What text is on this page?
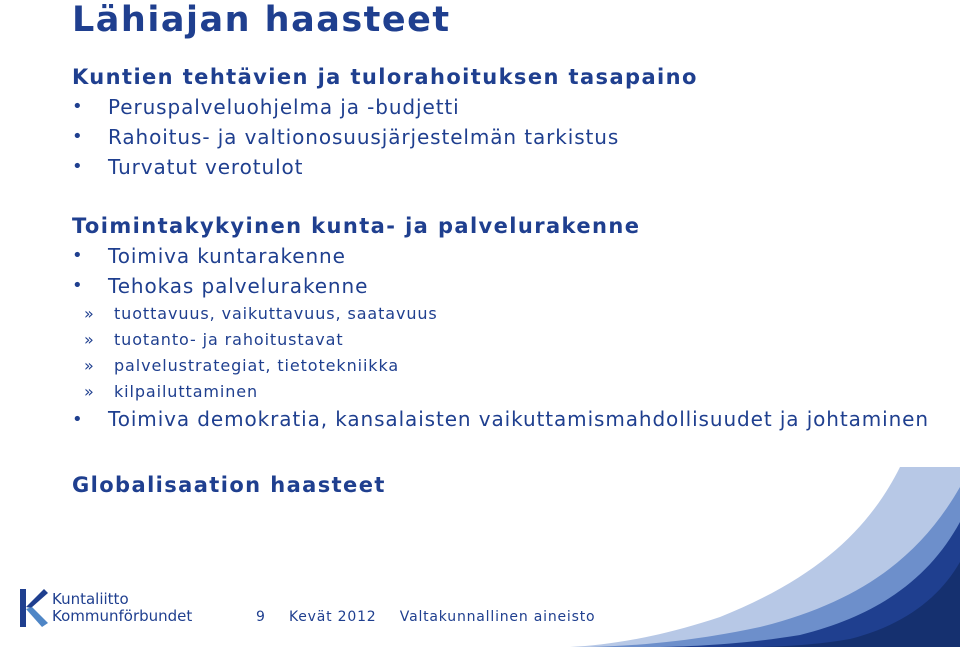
Lähiajan haasteet
Kuntien tehtävien ja tulorahoituksen tasapaino
• Peruspalveluohjelma ja -budjetti
• Rahoitus- ja valtionosuusjärjestelmän tarkistus
• Turvatut verotulot
Toimintakykyinen kunta- ja palvelurakenne
• Toimiva kuntarakenne
• Tehokas palvelurakenne
» tuottavuus, vaikuttavuus, saatavuus
» tuotanto- ja rahoitustavat
» palvelustrategiat, tietotekniikka
» kilpailuttaminen
• Toimiva demokratia, kansalaisten vaikuttamismahdollisuudet ja johtaminen
Globalisaation haasteet
Kuntaliitto
Kommunförbundet	9 Kevät 2012 Valtakunnallinen aineisto
